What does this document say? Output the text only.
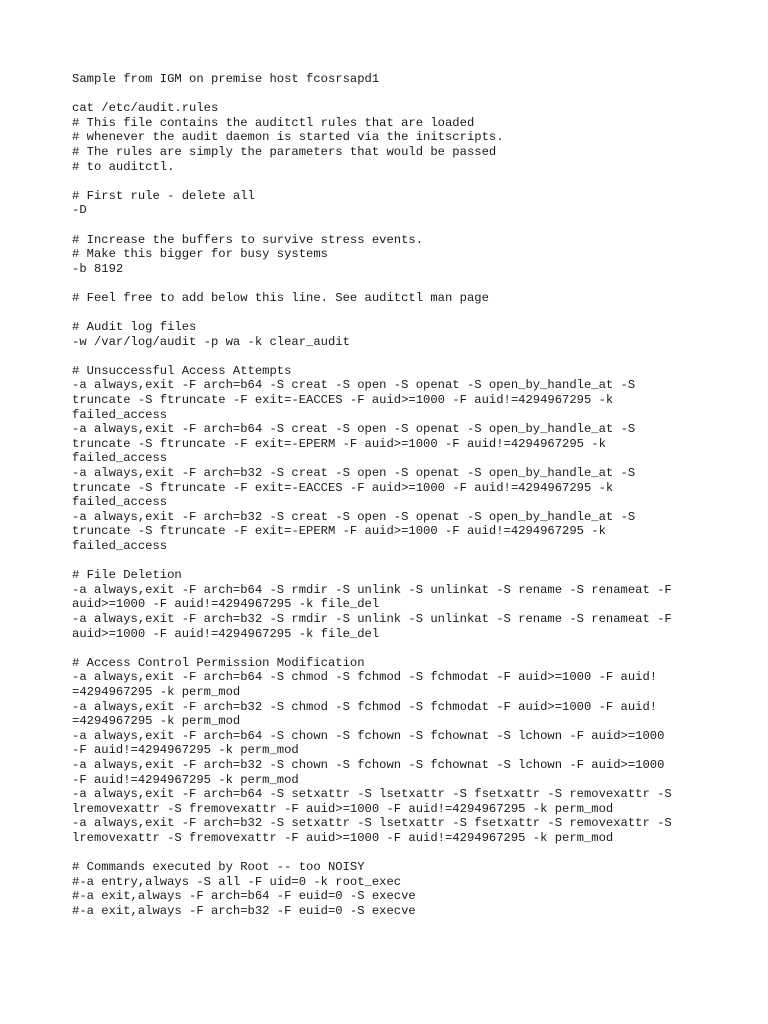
Sample from IGM on premise host fcosrsapd1
cat /etc/audit.rules
# This file contains the auditctl rules that are loaded
# whenever the audit daemon is started via the initscripts.
# The rules are simply the parameters that would be passed
# to auditctl.
# First rule - delete all
-D
# Increase the buffers to survive stress events.
# Make this bigger for busy systems
-b 8192
# Feel free to add below this line. See auditctl man page
# Audit log files
-w /var/log/audit -p wa -k clear_audit
# Unsuccessful Access Attempts
-a always,exit -F arch=b64 -S creat -S open -S openat -S open_by_handle_at -S
truncate -S ftruncate -F exit=-EACCES -F auid>=1000 -F auid!=4294967295 -k
failed_access
-a always,exit -F arch=b64 -S creat -S open -S openat -S open_by_handle_at -S
truncate -S ftruncate -F exit=-EPERM -F auid>=1000 -F auid!=4294967295 -k
failed_access
-a always,exit -F arch=b32 -S creat -S open -S openat -S open_by_handle_at -S
truncate -S ftruncate -F exit=-EACCES -F auid>=1000 -F auid!=4294967295 -k
failed_access
-a always,exit -F arch=b32 -S creat -S open -S openat -S open_by_handle_at -S
truncate -S ftruncate -F exit=-EPERM -F auid>=1000 -F auid!=4294967295 -k
failed_access
# File Deletion
-a always,exit -F arch=b64 -S rmdir -S unlink -S unlinkat -S rename -S renameat -F
auid>=1000 -F auid!=4294967295 -k file_del
-a always,exit -F arch=b32 -S rmdir -S unlink -S unlinkat -S rename -S renameat -F
auid>=1000 -F auid!=4294967295 -k file_del
# Access Control Permission Modification
-a always,exit -F arch=b64 -S chmod -S fchmod -S fchmodat -F auid>=1000 -F auid!
=4294967295 -k perm_mod
-a always,exit -F arch=b32 -S chmod -S fchmod -S fchmodat -F auid>=1000 -F auid!
=4294967295 -k perm_mod
-a always,exit -F arch=b64 -S chown -S fchown -S fchownat -S lchown -F auid>=1000
-F auid!=4294967295 -k perm_mod
-a always,exit -F arch=b32 -S chown -S fchown -S fchownat -S lchown -F auid>=1000
-F auid!=4294967295 -k perm_mod
-a always,exit -F arch=b64 -S setxattr -S lsetxattr -S fsetxattr -S removexattr -S
lremovexattr -S fremovexattr -F auid>=1000 -F auid!=4294967295 -k perm_mod
-a always,exit -F arch=b32 -S setxattr -S lsetxattr -S fsetxattr -S removexattr -S
lremovexattr -S fremovexattr -F auid>=1000 -F auid!=4294967295 -k perm_mod
# Commands executed by Root -- too NOISY
#-a entry,always -S all -F uid=0 -k root_exec
#-a exit,always -F arch=b64 -F euid=0 -S execve
#-a exit,always -F arch=b32 -F euid=0 -S execve
